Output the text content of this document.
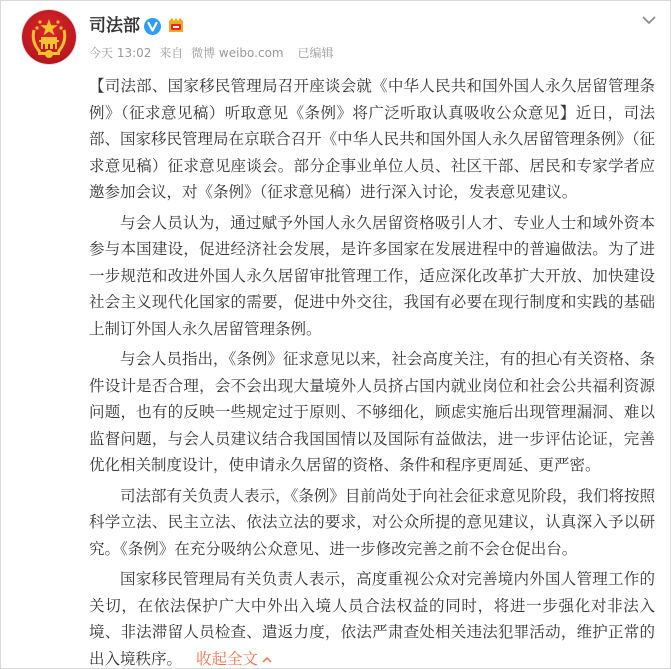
司法部
今天 13:02 来自 微博 weibo.com 已编辑

【司法部、国家移民管理局召开座谈会就《中华人民共和国外国人永久居留管理条例》（征求意见稿）听取意见《条例》将广泛听取认真吸收公众意见】近日，司法部、国家移民管理局在京联合召开《中华人民共和国外国人永久居留管理条例》（征求意见稿）征求意见座谈会。部分企事业单位人员、社区干部、居民和专家学者应邀参加会议，对《条例》（征求意见稿）进行深入讨论，发表意见建议。

与会人员认为，通过赋予外国人永久居留资格吸引人才、专业人士和域外资本参与本国建设，促进经济社会发展，是许多国家在发展进程中的普遍做法。为了进一步规范和改进外国人永久居留审批管理工作，适应深化改革扩大开放、加快建设社会主义现代化国家的需要，促进中外交往，我国有必要在现行制度和实践的基础上制订外国人永久居留管理条例。

与会人员指出，《条例》征求意见以来，社会高度关注，有的担心有关资格、条件设计是否合理，会不会出现大量境外人员挤占国内就业岗位和社会公共福利资源问题，也有的反映一些规定过于原则、不够细化，顾虑实施后出现管理漏洞、难以监督问题，与会人员建议结合我国国情以及国际有益做法，进一步评估论证，完善优化相关制度设计，使申请永久居留的资格、条件和程序更周延、更严密。

司法部有关负责人表示，《条例》目前尚处于向社会征求意见阶段，我们将按照科学立法、民主立法、依法立法的要求，对公众所提的意见建议，认真深入予以研究。《条例》在充分吸纳公众意见、进一步修改完善之前不会仓促出台。

国家移民管理局有关负责人表示，高度重视公众对完善境内外国人管理工作的关切，在依法保护广大中外出入境人员合法权益的同时，将进一步强化对非法入境、非法滞留人员检查、遣返力度，依法严肃查处相关违法犯罪活动，维护正常的出入境秩序。 收起全文
